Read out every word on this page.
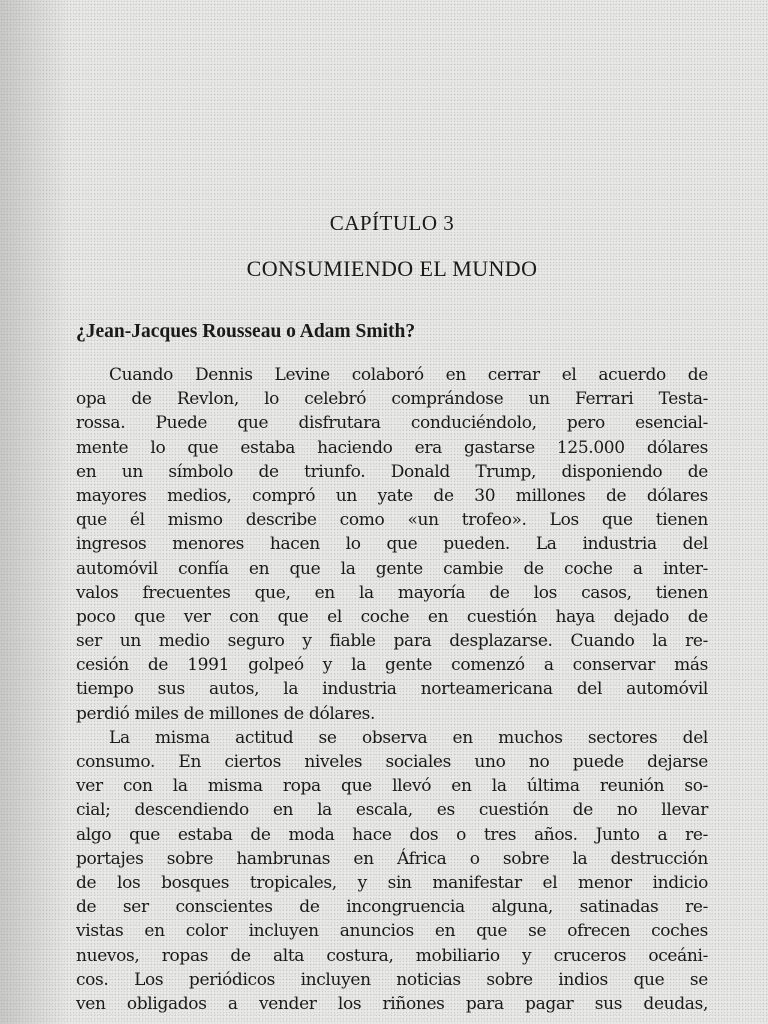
CAPÍTULO 3

CONSUMIENDO EL MUNDO
¿Jean-Jacques Rousseau o Adam Smith?
Cuando Dennis Levine colaboró en cerrar el acuerdo de
opa de Revlon, lo celebró comprándose un Ferrari Testa-
rossa. Puede que disfrutara conduciéndolo, pero esencial-
mente lo que estaba haciendo era gastarse 125.000 dólares
en un símbolo de triunfo. Donald Trump, disponiendo de
mayores medios, compró un yate de 30 millones de dólares
que él mismo describe como «un trofeo». Los que tienen
ingresos menores hacen lo que pueden. La industria del
automóvil confía en que la gente cambie de coche a inter-
valos frecuentes que, en la mayoría de los casos, tienen
poco que ver con que el coche en cuestión haya dejado de
ser un medio seguro y fiable para desplazarse. Cuando la re-
cesión de 1991 golpeó y la gente comenzó a conservar más
tiempo sus autos, la industria norteamericana del automóvil
perdió miles de millones de dólares.
La misma actitud se observa en muchos sectores del
consumo. En ciertos niveles sociales uno no puede dejarse
ver con la misma ropa que llevó en la última reunión so-
cial; descendiendo en la escala, es cuestión de no llevar
algo que estaba de moda hace dos o tres años. Junto a re-
portajes sobre hambrunas en África o sobre la destrucción
de los bosques tropicales, y sin manifestar el menor indicio
de ser conscientes de incongruencia alguna, satinadas re-
vistas en color incluyen anuncios en que se ofrecen coches
nuevos, ropas de alta costura, mobiliario y cruceros oceáni-
cos. Los periódicos incluyen noticias sobre indios que se
ven obligados a vender los riñones para pagar sus deudas,
